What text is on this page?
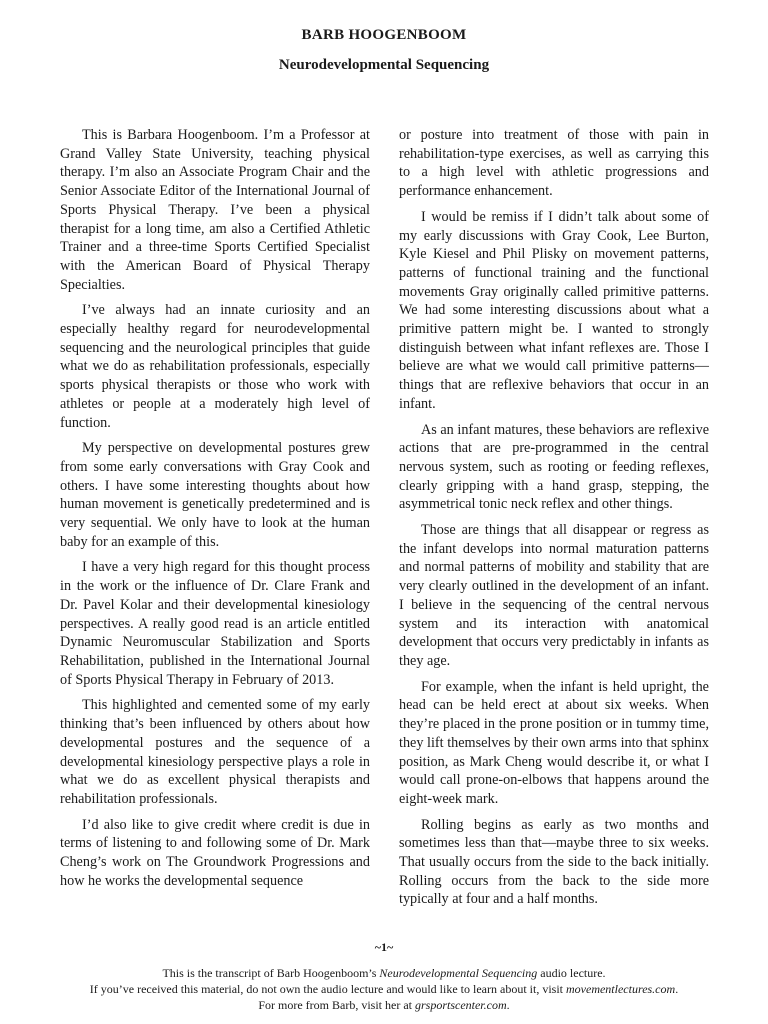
BARB HOOGENBOOM
Neurodevelopmental Sequencing

This is Barbara Hoogenboom. I’m a Professor at Grand Valley State University, teaching physical therapy. I’m also an Associate Program Chair and the Senior Associate Editor of the International Journal of Sports Physical Therapy. I’ve been a physical therapist for a long time, am also a Certified Athletic Trainer and a three-time Sports Certified Specialist with the American Board of Physical Therapy Specialties.

I’ve always had an innate curiosity and an especially healthy regard for neurodevelopmental sequencing and the neurological principles that guide what we do as rehabilitation professionals, especially sports physical therapists or those who work with athletes or people at a moderately high level of function.

My perspective on developmental postures grew from some early conversations with Gray Cook and others. I have some interesting thoughts about how human movement is genetically predetermined and is very sequential. We only have to look at the human baby for an example of this.

I have a very high regard for this thought process in the work or the influence of Dr. Clare Frank and Dr. Pavel Kolar and their developmental kinesiology perspectives. A really good read is an article entitled Dynamic Neuromuscular Stabilization and Sports Rehabilitation, published in the International Journal of Sports Physical Therapy in February of 2013.

This highlighted and cemented some of my early thinking that’s been influenced by others about how developmental postures and the sequence of a developmental kinesiology perspective plays a role in what we do as excellent physical therapists and rehabilitation professionals.

I’d also like to give credit where credit is due in terms of listening to and following some of Dr. Mark Cheng’s work on The Groundwork Progressions and how he works the developmental sequence

or posture into treatment of those with pain in rehabilitation-type exercises, as well as carrying this to a high level with athletic progressions and performance enhancement.

I would be remiss if I didn’t talk about some of my early discussions with Gray Cook, Lee Burton, Kyle Kiesel and Phil Plisky on movement patterns, patterns of functional training and the functional movements Gray originally called primitive patterns. We had some interesting discussions about what a primitive pattern might be. I wanted to strongly distinguish between what infant reflexes are. Those I believe are what we would call primitive patterns—things that are reflexive behaviors that occur in an infant.

As an infant matures, these behaviors are reflexive actions that are pre-programmed in the central nervous system, such as rooting or feeding reflexes, clearly gripping with a hand grasp, stepping, the asymmetrical tonic neck reflex and other things.

Those are things that all disappear or regress as the infant develops into normal maturation patterns and normal patterns of mobility and stability that are very clearly outlined in the development of an infant. I believe in the sequencing of the central nervous system and its interaction with anatomical development that occurs very predictably in infants as they age.

For example, when the infant is held upright, the head can be held erect at about six weeks. When they’re placed in the prone position or in tummy time, they lift themselves by their own arms into that sphinx position, as Mark Cheng would describe it, or what I would call prone-on-elbows that happens around the eight-week mark.

Rolling begins as early as two months and sometimes less than that—maybe three to six weeks. That usually occurs from the side to the back initially. Rolling occurs from the back to the side more typically at four and a half months.

~1~
This is the transcript of Barb Hoogenboom’s Neurodevelopmental Sequencing audio lecture.
If you’ve received this material, do not own the audio lecture and would like to learn about it, visit movementlectures.com.
For more from Barb, visit her at grsportscenter.com.
